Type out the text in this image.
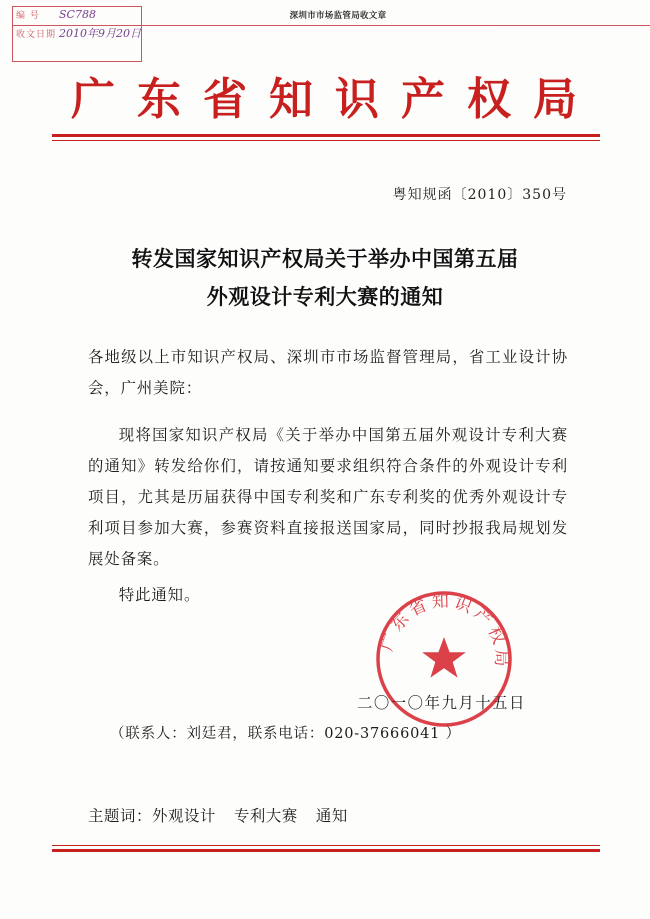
深圳市市场监管局收文章
编 号 SC788
收文日期 2010年9月20日
广东省知识产权局
粤知规函〔2010〕350号
转发国家知识产权局关于举办中国第五届
外观设计专利大赛的通知

各地级以上市知识产权局、深圳市市场监督管理局，省工业设计协会，广州美院：

现将国家知识产权局《关于举办中国第五届外观设计专利大赛的通知》转发给你们，请按通知要求组织符合条件的外观设计专利项目，尤其是历届获得中国专利奖和广东专利奖的优秀外观设计专利项目参加大赛，参赛资料直接报送国家局，同时抄报我局规划发展处备案。

特此通知。

广东省知识产权局
二〇一〇年九月十五日
（联系人：刘廷君，联系电话：020-37666041 ）
主题词：外观设计 专利大赛 通知
